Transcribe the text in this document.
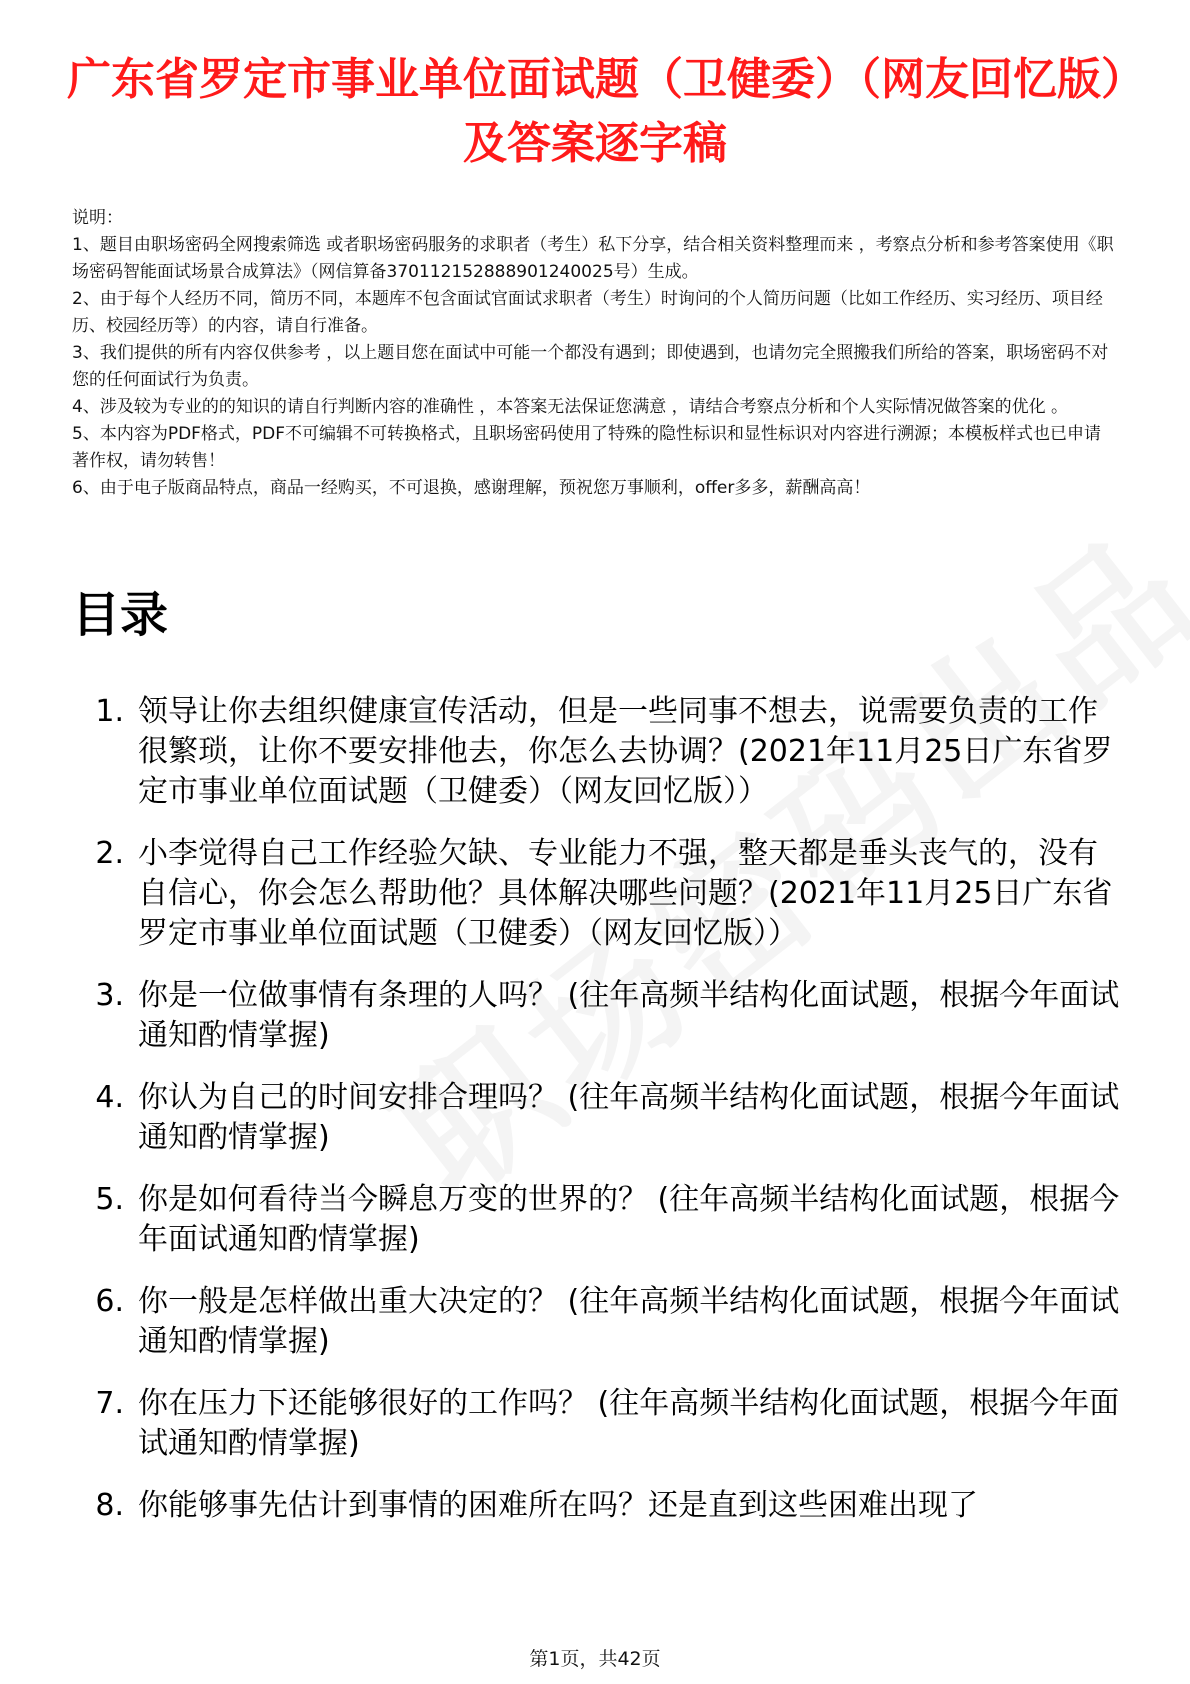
广东省罗定市事业单位面试题（卫健委）（网友回忆版）及答案逐字稿
说明：
1、题目由职场密码全网搜索筛选 或者职场密码服务的求职者（考生）私下分享，结合相关资料整理而来 ，考察点分析和参考答案使用《职场密码智能面试场景合成算法》（网信算备370112152888901240025号）生成。
2、由于每个人经历不同，简历不同，本题库不包含面试官面试求职者（考生）时询问的个人简历问题（比如工作经历、实习经历、项目经历、校园经历等）的内容，请自行准备。
3、我们提供的所有内容仅供参考 ，以上题目您在面试中可能一个都没有遇到；即使遇到，也请勿完全照搬我们所给的答案，职场密码不对您的任何面试行为负责。
4、涉及较为专业的的知识的请自行判断内容的准确性 ，本答案无法保证您满意 ，请结合考察点分析和个人实际情况做答案的优化 。
5、本内容为PDF格式，PDF不可编辑不可转换格式，且职场密码使用了特殊的隐性标识和显性标识对内容进行溯源；本模板样式也已申请著作权，请勿转售！
6、由于电子版商品特点，商品一经购买，不可退换，感谢理解，预祝您万事顺利，offer多多，薪酬高高！
目录
1. 领导让你去组织健康宣传活动，但是一些同事不想去，说需要负责的工作很繁琐，让你不要安排他去，你怎么去协调？(2021年11月25日广东省罗定市事业单位面试题（卫健委）（网友回忆版））
2. 小李觉得自己工作经验欠缺、专业能力不强，整天都是垂头丧气的，没有自信心，你会怎么帮助他？具体解决哪些问题？(2021年11月25日广东省罗定市事业单位面试题（卫健委）（网友回忆版））
3. 你是一位做事情有条理的人吗？ (往年高频半结构化面试题，根据今年面试通知酌情掌握)
4. 你认为自己的时间安排合理吗？ (往年高频半结构化面试题，根据今年面试通知酌情掌握)
5. 你是如何看待当今瞬息万变的世界的？ (往年高频半结构化面试题，根据今年面试通知酌情掌握)
6. 你一般是怎样做出重大决定的？ (往年高频半结构化面试题，根据今年面试通知酌情掌握)
7. 你在压力下还能够很好的工作吗？ (往年高频半结构化面试题，根据今年面试通知酌情掌握)
8. 你能够事先估计到事情的困难所在吗？还是直到这些困难出现了
第1页，共42页
